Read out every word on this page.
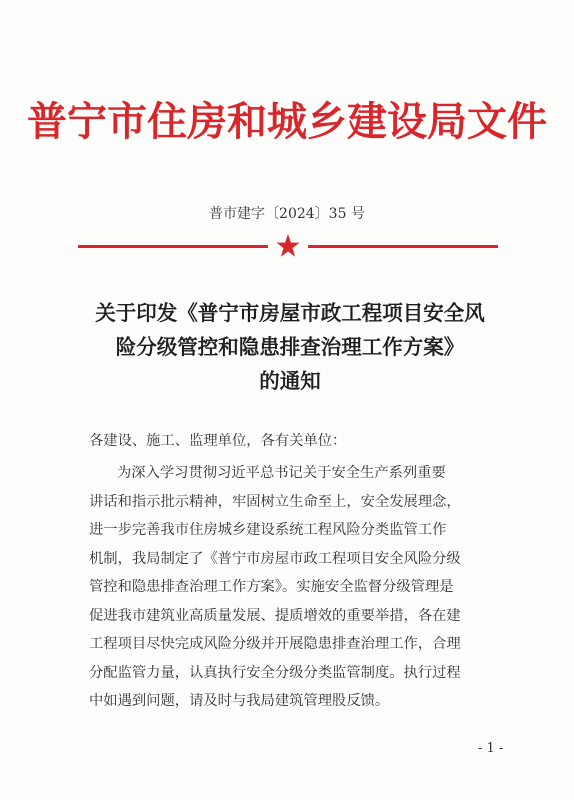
普宁市住房和城乡建设局文件
普市建字〔2024〕35 号
关于印发《普宁市房屋市政工程项目安全风
险分级管控和隐患排查治理工作方案》
的通知
各建设、施工、监理单位，各有关单位：
为深入学习贯彻习近平总书记关于安全生产系列重要
讲话和指示批示精神，牢固树立生命至上，安全发展理念，
进一步完善我市住房城乡建设系统工程风险分类监管工作
机制，我局制定了《普宁市房屋市政工程项目安全风险分级
管控和隐患排查治理工作方案》。实施安全监督分级管理是
促进我市建筑业高质量发展、提质增效的重要举措，各在建
工程项目尽快完成风险分级并开展隐患排查治理工作，合理
分配监管力量，认真执行安全分级分类监管制度。执行过程
中如遇到问题，请及时与我局建筑管理股反馈。
- 1 -
